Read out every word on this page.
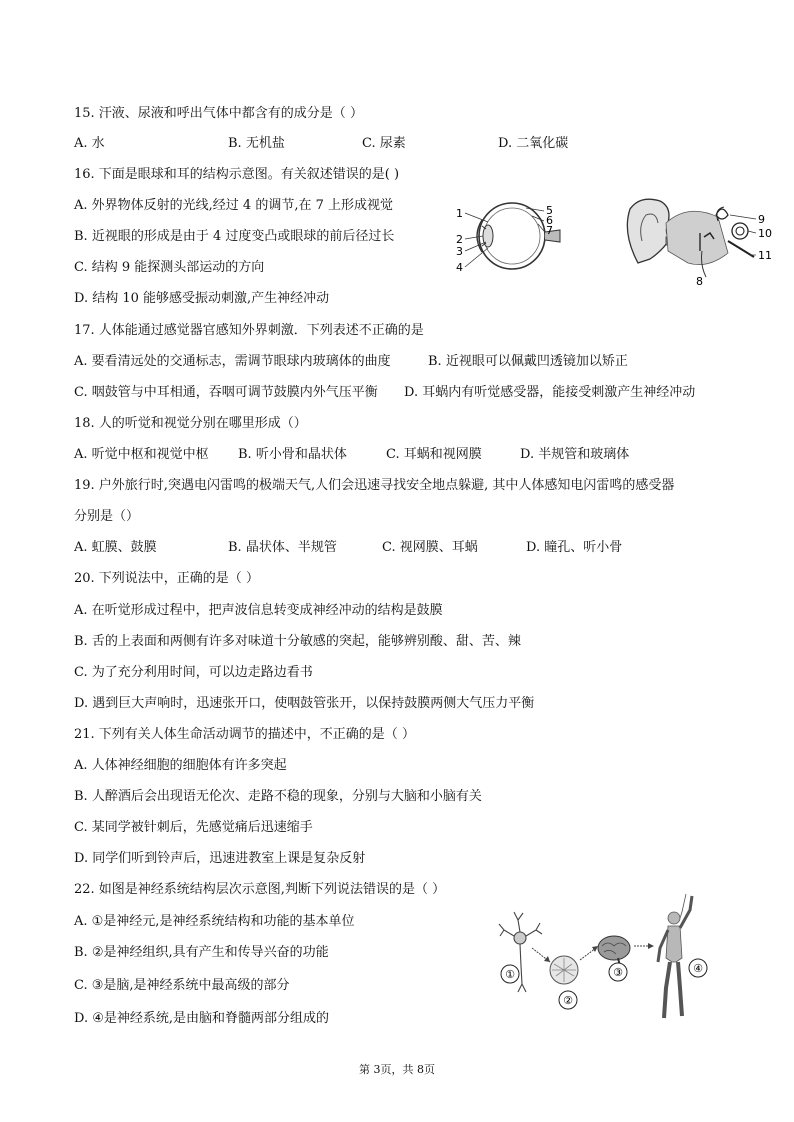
15. 汗液、尿液和呼出气体中都含有的成分是（ ）
A. 水	B. 无机盐	C. 尿素	D. 二氧化碳
16. 下面是眼球和耳的结构示意图。有关叙述错误的是( )
A. 外界物体反射的光线,经过 4 的调节,在 7 上形成视觉
B. 近视眼的形成是由于 4 过度变凸或眼球的前后径过长
C. 结构 9 能探测头部运动的方向
D. 结构 10 能够感受振动刺激,产生神经冲动
1
2
3
4
5
6
7
9
10
11
8
17. 人体能通过感觉器官感知外界刺激．下列表述不正确的是
A. 要看清远处的交通标志，需调节眼球内玻璃体的曲度	B. 近视眼可以佩戴凹透镜加以矫正
C. 咽鼓管与中耳相通，吞咽可调节鼓膜内外气压平衡 D. 耳蜗内有听觉感受器，能接受刺激产生神经冲动
18. 人的听觉和视觉分别在哪里形成（）
A. 听觉中枢和视觉中枢 B. 听小骨和晶状体	C. 耳蜗和视网膜	D. 半规管和玻璃体
19. 户外旅行时,突遇电闪雷鸣的极端天气,人们会迅速寻找安全地点躲避, 其中人体感知电闪雷鸣的感受器
分别是（）
A. 虹膜、鼓膜	B. 晶状体、半规管	C. 视网膜、耳蜗	D. 瞳孔、听小骨
20. 下列说法中，正确的是（ ）
A. 在听觉形成过程中，把声波信息转变成神经冲动的结构是鼓膜
B. 舌的上表面和两侧有许多对味道十分敏感的突起，能够辨别酸、甜、苦、辣
C. 为了充分利用时间，可以边走路边看书
D. 遇到巨大声响时，迅速张开口，使咽鼓管张开，以保持鼓膜两侧大气压力平衡
21. 下列有关人体生命活动调节的描述中，不正确的是（ ）
A. 人体神经细胞的细胞体有许多突起
B. 人醉酒后会出现语无伦次、走路不稳的现象，分别与大脑和小脑有关
C. 某同学被针刺后，先感觉痛后迅速缩手
D. 同学们听到铃声后，迅速进教室上课是复杂反射
22. 如图是神经系统结构层次示意图,判断下列说法错误的是（ ）
A. ①是神经元,是神经系统结构和功能的基本单位
B. ②是神经组织,具有产生和传导兴奋的功能
C. ③是脑,是神经系统中最高级的部分
D. ④是神经系统,是由脑和脊髓两部分组成的
①
②
③	④
第 3页，共 8页
